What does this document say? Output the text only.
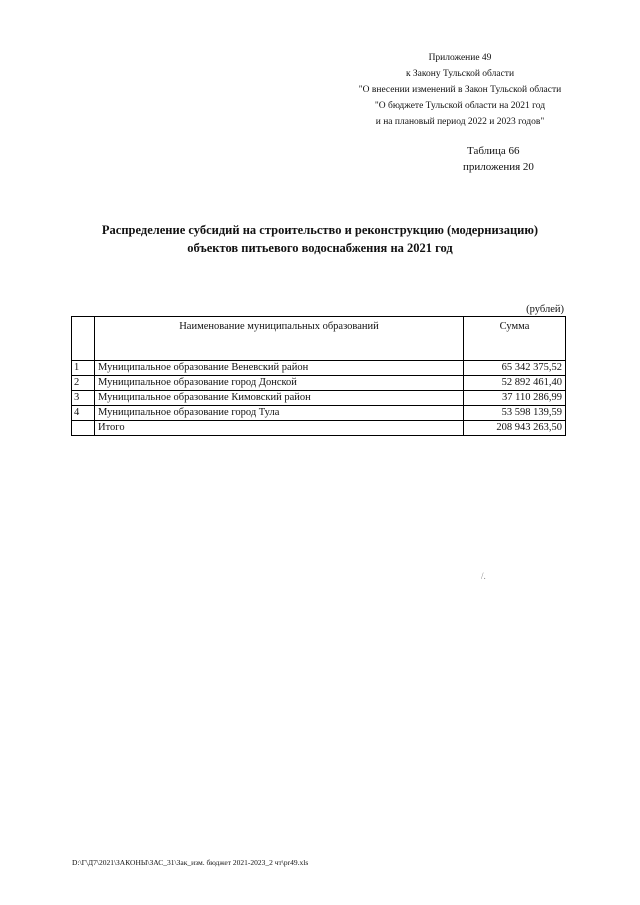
Приложение 49
к Закону Тульской области
"О внесении изменений в Закон Тульской области
"О бюджете Тульской области на 2021 год
и на плановый период 2022 и 2023 годов"
Таблица 66
приложения 20
Распределение субсидий на строительство и реконструкцию (модернизацию)
объектов питьевого водоснабжения на 2021 год
(рублей)
	Наименование муниципальных образований	Сумма
1	Муниципальное образование Веневский район	65 342 375,52
2	Муниципальное образование город Донской	52 892 461,40
3	Муниципальное образование Кимовский район	37 110 286,99
4	Муниципальное образование город Тула	53 598 139,59
	Итого	208 943 263,50
/.
D:\Г\Д7\2021\ЗАКОНЫ\ЗАС_31\Зак_изм. бюджет 2021-2023_2 чт\pr49.xls
